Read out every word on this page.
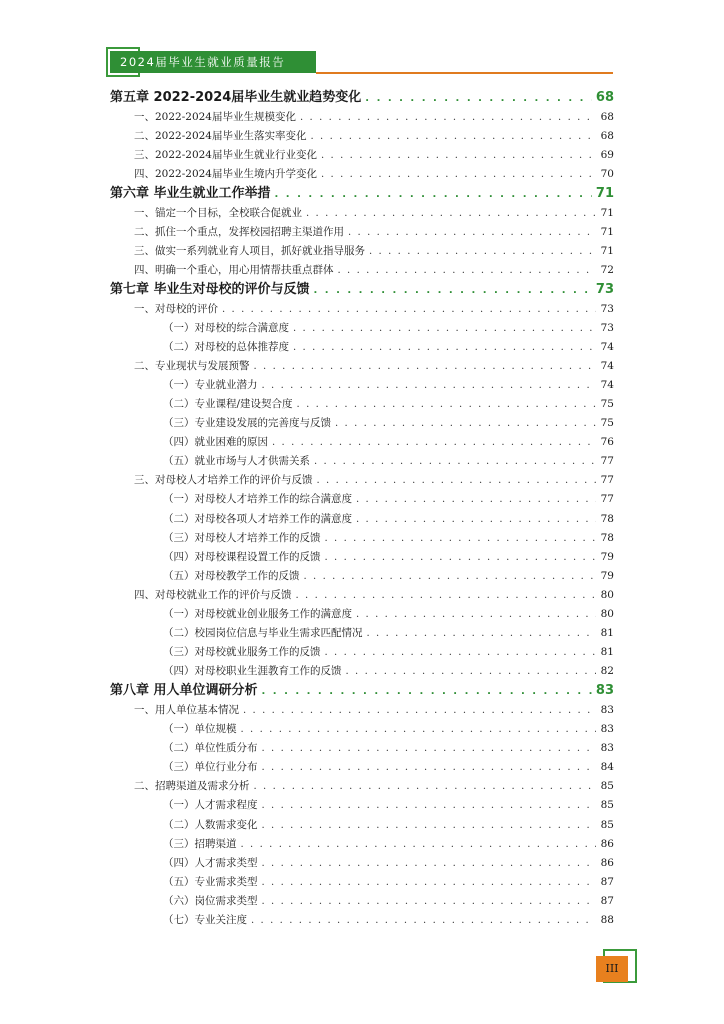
2024届毕业生就业质量报告
第五章 2022-2024届毕业生就业趋势变化 . . .	68
一、2022-2024届毕业生规模变化 . . .	68
二、2022-2024届毕业生落实率变化 . . .	68
三、2022-2024届毕业生就业行业变化 . . .	69
四、2022-2024届毕业生境内升学变化 . . .	70
第六章 毕业生就业工作举措 . . .	71
一、锚定一个目标，全校联合促就业 . . .	71
二、抓住一个重点，发挥校园招聘主渠道作用 . . .	71
三、做实一系列就业育人项目，抓好就业指导服务 . . .	71
四、明确一个重心，用心用情帮扶重点群体 . . .	72
第七章 毕业生对母校的评价与反馈 . . .	73
一、对母校的评价 . . .	73
（一）对母校的综合满意度 . . .	73
（二）对母校的总体推荐度 . . .	74
二、专业现状与发展预警 . . .	74
（一）专业就业潜力 . . .	74
（二）专业课程/建设契合度 . . .	75
（三）专业建设发展的完善度与反馈 . . .	75
（四）就业困难的原因 . . .	76
（五）就业市场与人才供需关系 . . .	77
三、对母校人才培养工作的评价与反馈 . . .	77
（一）对母校人才培养工作的综合满意度 . . .	77
（二）对母校各项人才培养工作的满意度 . . .	78
（三）对母校人才培养工作的反馈 . . .	78
（四）对母校课程设置工作的反馈 . . .	79
（五）对母校教学工作的反馈 . . .	79
四、对母校就业工作的评价与反馈 . . .	80
（一）对母校就业创业服务工作的满意度 . . .	80
（二）校园岗位信息与毕业生需求匹配情况 . . .	81
（三）对母校就业服务工作的反馈 . . .	81
（四）对母校职业生涯教育工作的反馈 . . .	82
第八章 用人单位调研分析 . . .	83
一、用人单位基本情况 . . .	83
（一）单位规模 . . .	83
（二）单位性质分布 . . .	83
（三）单位行业分布 . . .	84
二、招聘渠道及需求分析 . . .	85
（一）人才需求程度 . . .	85
（二）人数需求变化 . . .	85
（三）招聘渠道 . . .	86
（四）人才需求类型 . . .	86
（五）专业需求类型 . . .	87
（六）岗位需求类型 . . .	87
（七）专业关注度 . . .	88
III
